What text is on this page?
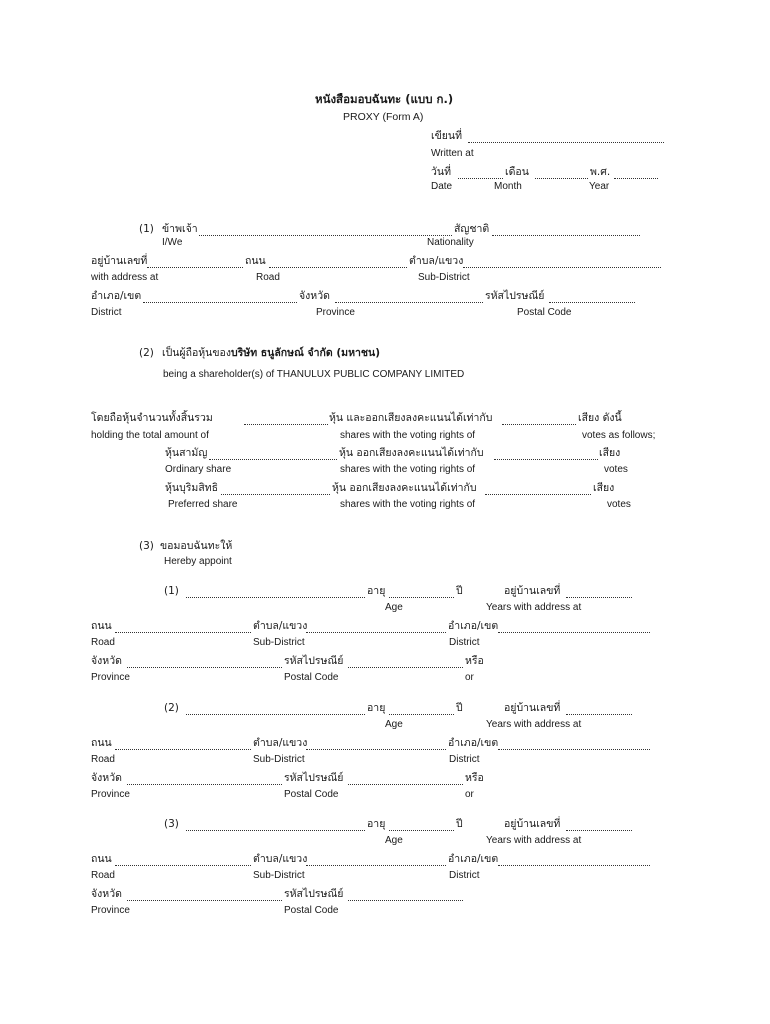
หนังสือมอบฉันทะ (แบบ ก.)
PROXY (Form A)
เขียนที่
Written at
วันที่	เดือน	พ.ศ.
Date	Month	Year
(1) ข้าพเจ้า	สัญชาติ
I/We	Nationality
อยู่บ้านเลขที่	ถนน	ตำบล/แขวง
with address at	Road	Sub-District
อำเภอ/เขต	จังหวัด	รหัสไปรษณีย์
District	Province	Postal Code
(2) เป็นผู้ถือหุ้นของบริษัท ธนูลักษณ์ จำกัด (มหาชน)
being a shareholder(s) of THANULUX PUBLIC COMPANY LIMITED
โดยถือหุ้นจำนวนทั้งสิ้นรวม	หุ้น และออกเสียงลงคะแนนได้เท่ากับ	เสียง ดังนี้
holding the total amount of	shares with the voting rights of	votes as follows;
หุ้นสามัญ	หุ้น ออกเสียงลงคะแนนได้เท่ากับ	เสียง
Ordinary share	shares with the voting rights of	votes
หุ้นบุริมสิทธิ	หุ้น ออกเสียงลงคะแนนได้เท่ากับ	เสียง
Preferred share	shares with the voting rights of	votes
(3) ขอมอบฉันทะให้
Hereby appoint
(1)	อายุ	ปี	อยู่บ้านเลขที่
Age	Years with address at
ถนน	ตำบล/แขวง	อำเภอ/เขต
Road	Sub-District	District
จังหวัด	รหัสไปรษณีย์	หรือ
Province	Postal Code	or
(2)	อายุ	ปี	อยู่บ้านเลขที่
Age	Years with address at
ถนน	ตำบล/แขวง	อำเภอ/เขต
Road	Sub-District	District
จังหวัด	รหัสไปรษณีย์	หรือ
Province	Postal Code	or
(3)	อายุ	ปี	อยู่บ้านเลขที่
Age	Years with address at
ถนน	ตำบล/แขวง	อำเภอ/เขต
Road	Sub-District	District
จังหวัด	รหัสไปรษณีย์
Province	Postal Code
